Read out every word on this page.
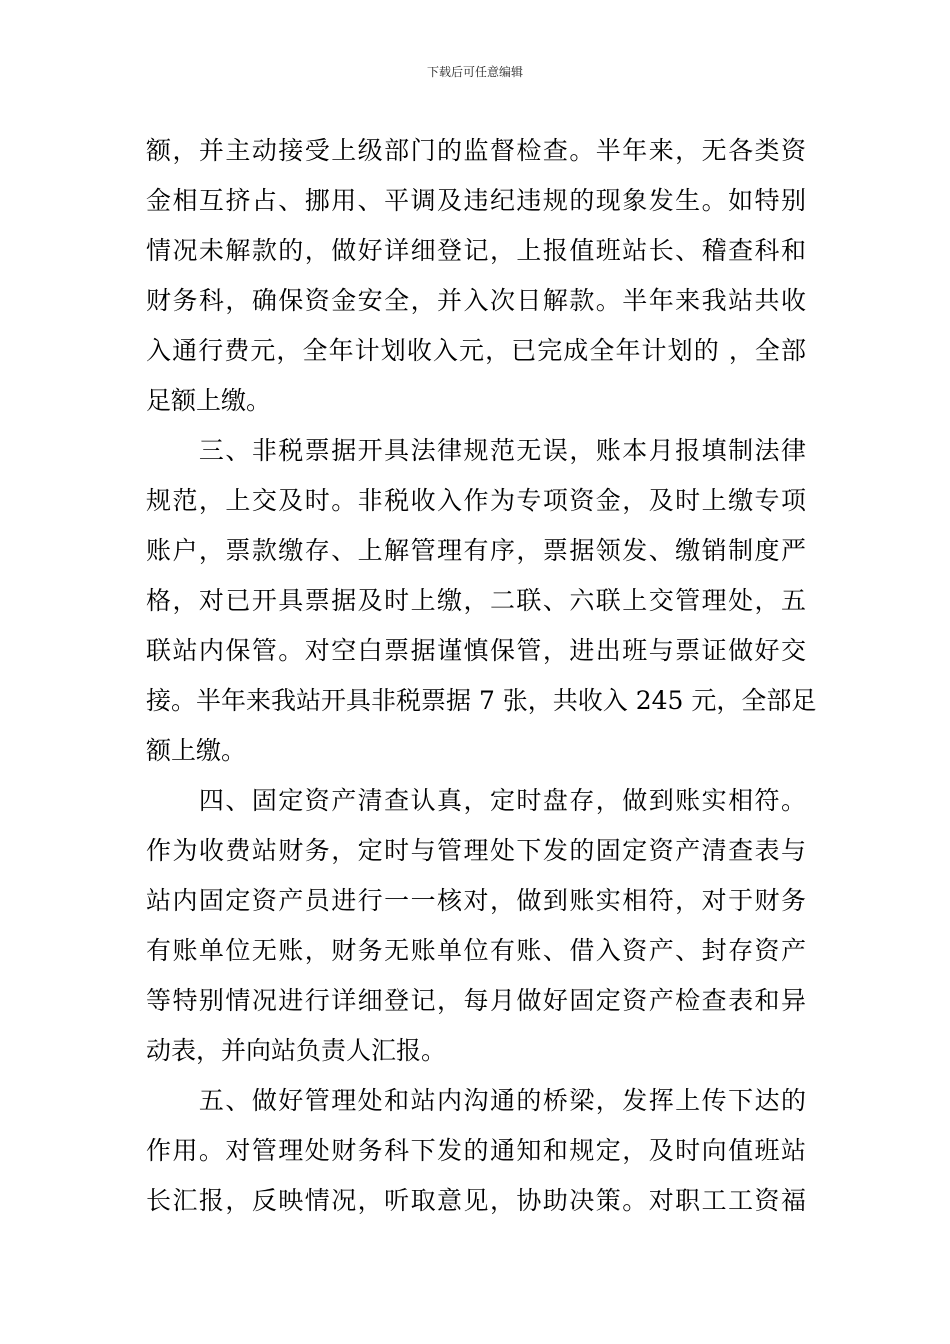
下载后可任意编辑
额，并主动接受上级部门的监督检查。半年来，无各类资
金相互挤占、挪用、平调及违纪违规的现象发生。如特别
情况未解款的，做好详细登记，上报值班站长、稽查科和
财务科，确保资金安全，并入次日解款。半年来我站共收
入通行费元，全年计划收入元，已完成全年计划的 ，全部
足额上缴。
　　三、非税票据开具法律规范无误，账本月报填制法律
规范，上交及时。非税收入作为专项资金，及时上缴专项
账户，票款缴存、上解管理有序，票据领发、缴销制度严
格，对已开具票据及时上缴，二联、六联上交管理处，五
联站内保管。对空白票据谨慎保管，进出班与票证做好交
接。半年来我站开具非税票据 7 张，共收入 245 元，全部足
额上缴。
　　四、固定资产清查认真，定时盘存，做到账实相符。
作为收费站财务，定时与管理处下发的固定资产清查表与
站内固定资产员进行一一核对，做到账实相符，对于财务
有账单位无账，财务无账单位有账、借入资产、封存资产
等特别情况进行详细登记，每月做好固定资产检查表和异
动表，并向站负责人汇报。
　　五、做好管理处和站内沟通的桥梁，发挥上传下达的
作用。对管理处财务科下发的通知和规定，及时向值班站
长汇报，反映情况，听取意见，协助决策。对职工工资福
